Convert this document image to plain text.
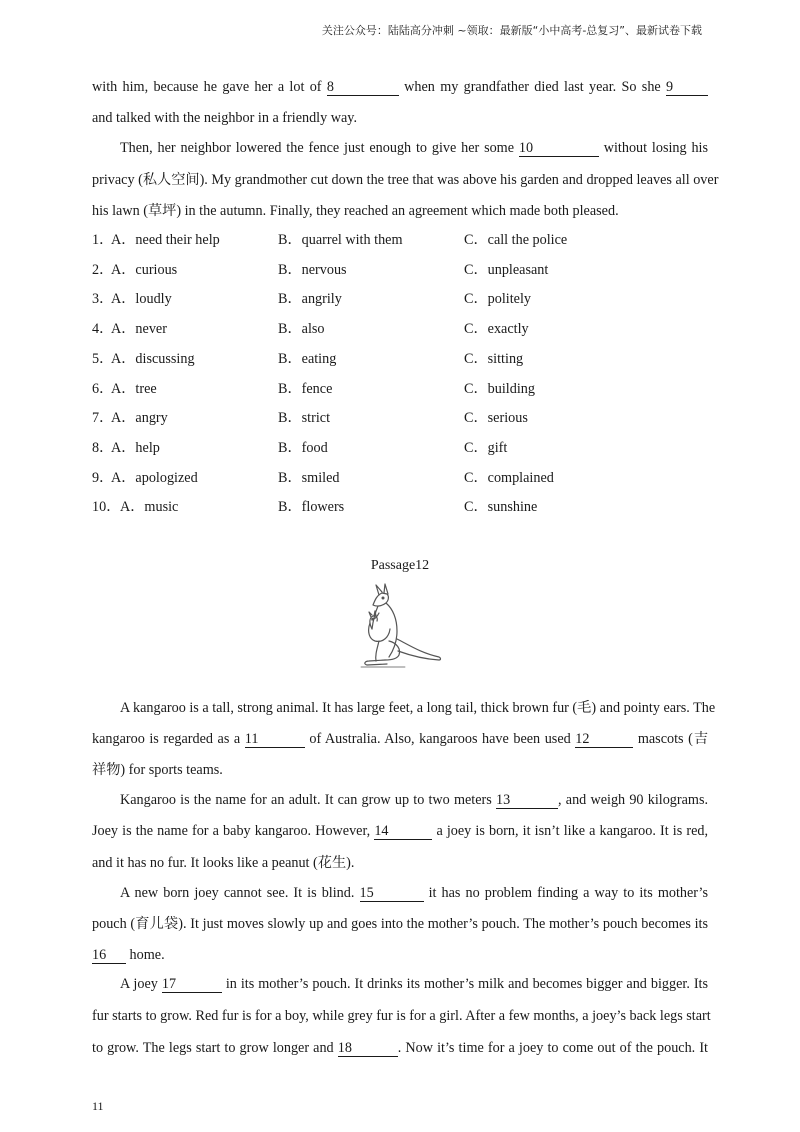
关注公众号：陆陆高分冲刺 ~领取：最新版“小中高考-总复习”、最新试卷下载
with him, because he gave her a lot of 8	when my grandfather died last year. So she 9
and talked with the neighbor in a friendly way.
Then, her neighbor lowered the fence just enough to give her some 10	without losing his
privacy (私人空间). My grandmother cut down the tree that was above his garden and dropped leaves all over
his lawn (草坪) in the autumn. Finally, they reached an agreement which made both pleased.
1．
A．need their help	B．quarrel with them	C．call the police
2．
A．curious	B．nervous	C．unpleasant
3．
A．loudly	B．angrily	C．politely
4．
A．never	B．also	C．exactly
5．
A．discussing	B．eating	C．sitting
6．
A．tree	B．fence	C．building
7．
A．angry	B．strict	C．serious
8．
A．help	B．food	C．gift
9．
A．apologized	B．smiled	C．complained
10． A．music	B．flowers	C．sunshine
Passage12
A kangaroo is a tall, strong animal. It has large feet, a long tail, thick brown fur (毛) and pointy ears. The
kangaroo is regarded as a 11	of Australia. Also, kangaroos have been used 12	mascots (吉
祥物) for sports teams.
Kangaroo is the name for an adult. It can grow up to two meters 13	, and weigh 90 kilograms.
Joey is the name for a baby kangaroo. However, 14	a joey is born, it isn’t like a kangaroo. It is red,
and it has no fur. It looks like a peanut (花生).
A new born joey cannot see. It is blind. 15	it has no problem finding a way to its mother’s
pouch (育儿袋). It just moves slowly up and goes into the mother’s pouch. The mother’s pouch becomes its
16 home.
A joey 17	in its mother’s pouch. It drinks its mother’s milk and becomes bigger and bigger. Its
fur starts to grow. Red fur is for a boy, while grey fur is for a girl. After a few months, a joey’s back legs start
to grow. The legs start to grow longer and 18	. Now it’s time for a joey to come out of the pouch. It
11
